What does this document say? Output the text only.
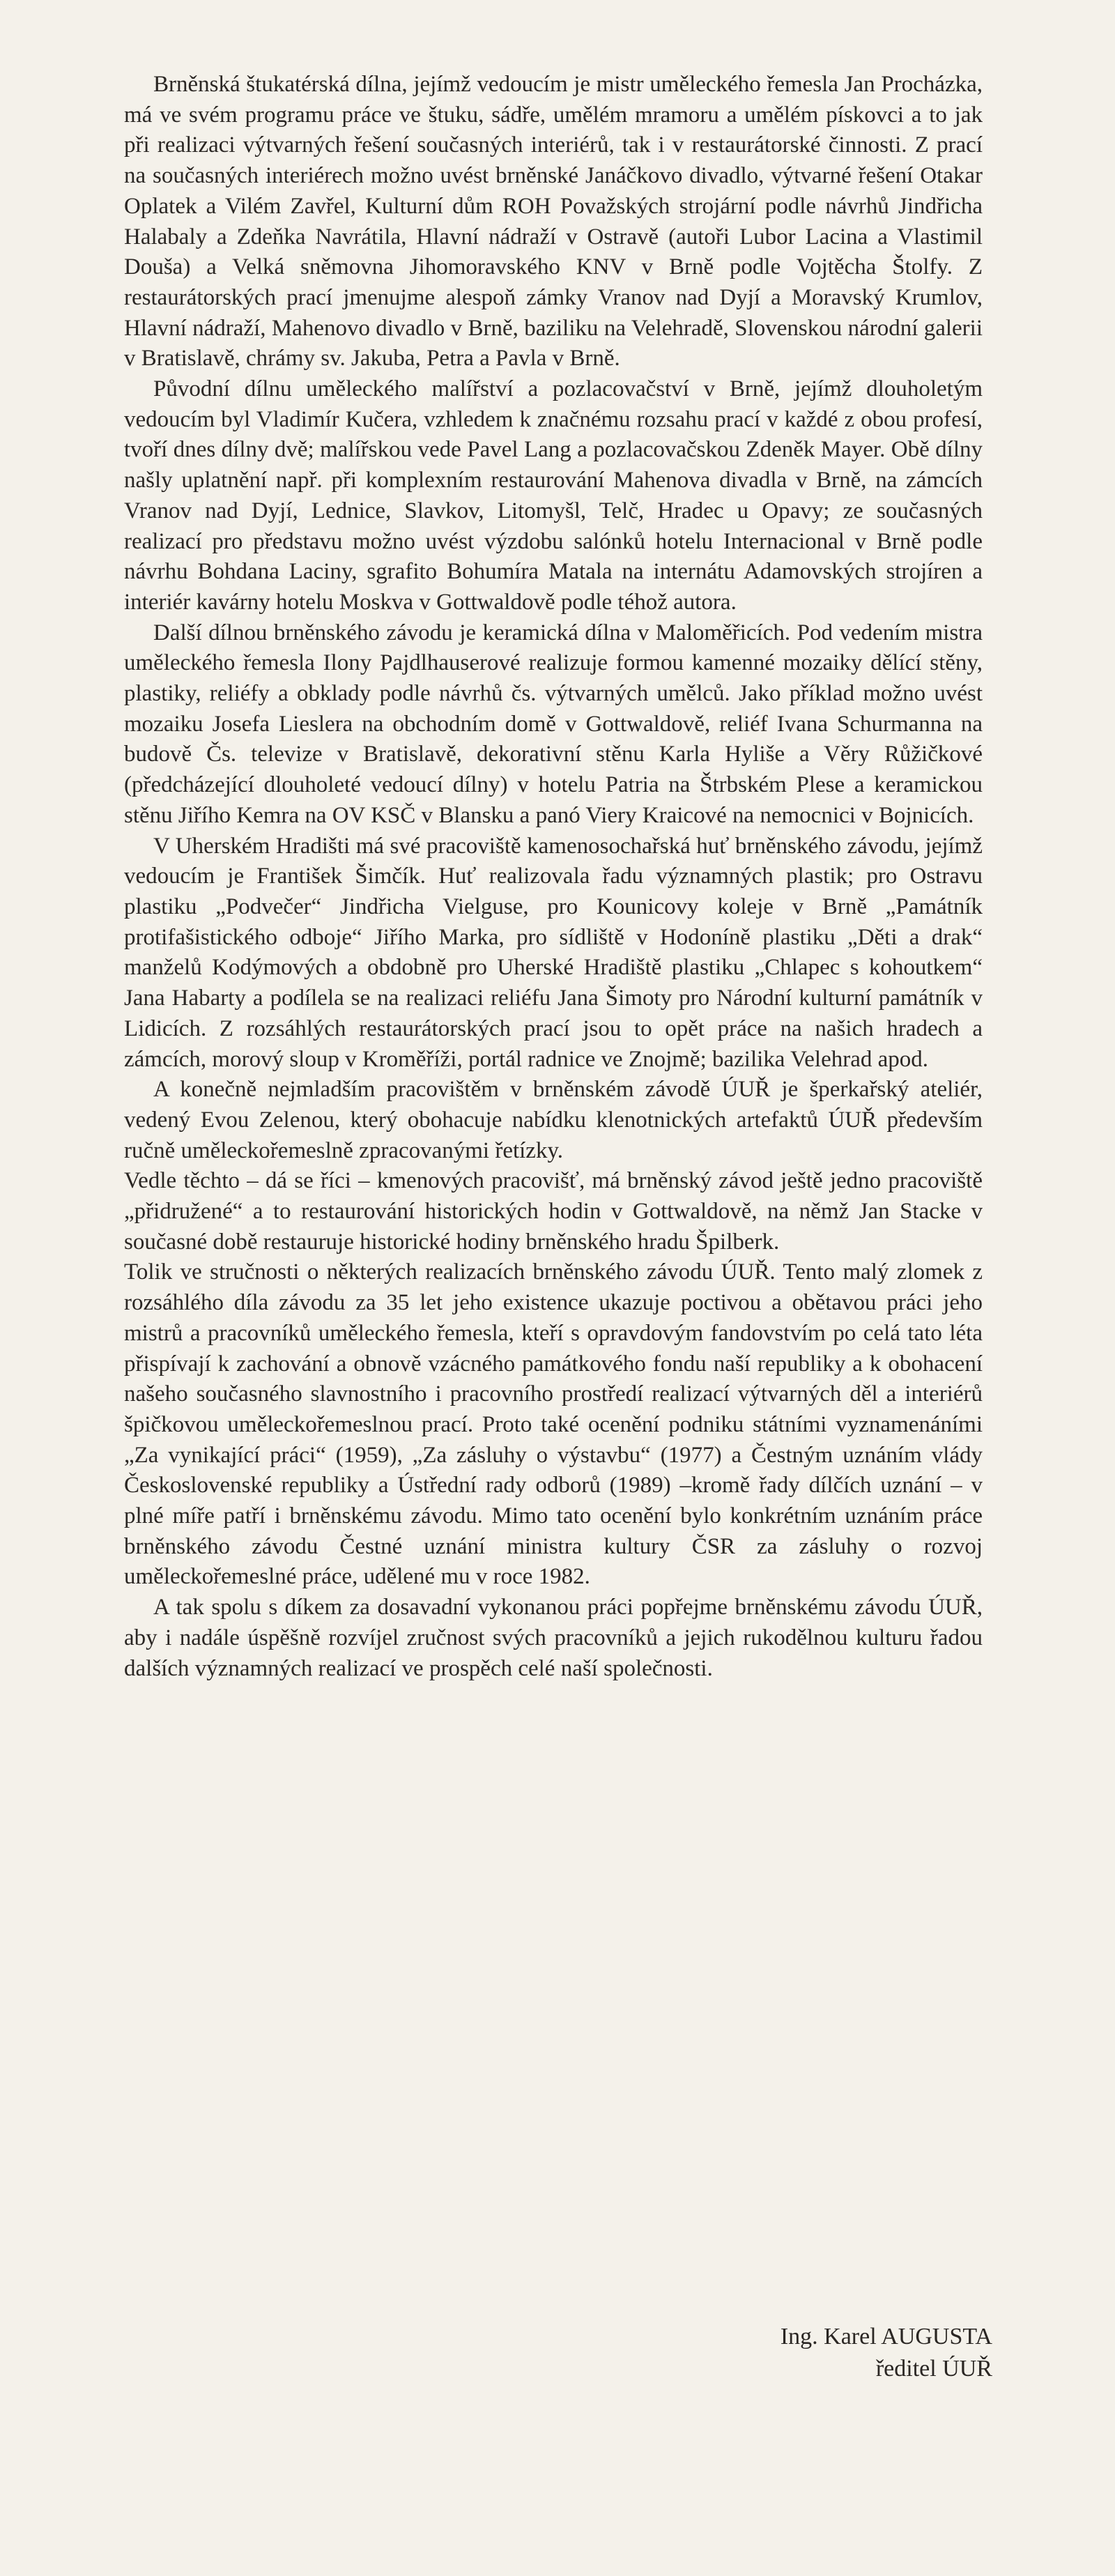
Brněnská štukatérská dílna, jejímž vedoucím je mistr uměleckého řemesla Jan Procházka, má ve svém programu práce ve štuku, sádře, umělém mramoru a umělém pískovci a to jak při realizaci výtvarných řešení současných interiérů, tak i v restaurátorské činnosti. Z prací na současných interiérech možno uvést brněnské Janáčkovo divadlo, výtvarné řešení Otakar Oplatek a Vilém Zavřel, Kulturní dům ROH Považských strojární podle návrhů Jindřicha Halabaly a Zdeňka Navrátila, Hlavní nádraží v Ostravě (autoři Lubor Lacina a Vlastimil Douša) a Velká sněmovna Jihomoravského KNV v Brně podle Vojtěcha Štolfy. Z restaurátorských prací jmenujme alespoň zámky Vranov nad Dyjí a Moravský Krumlov, Hlavní nádraží, Mahenovo divadlo v Brně, baziliku na Velehradě, Slovenskou národní galerii v Bratislavě, chrámy sv. Jakuba, Petra a Pavla v Brně.

Původní dílnu uměleckého malířství a pozlacovačství v Brně, jejímž dlouholetým vedoucím byl Vladimír Kučera, vzhledem k značnému rozsahu prací v každé z obou profesí, tvoří dnes dílny dvě; malířskou vede Pavel Lang a pozlacovačskou Zdeněk Mayer. Obě dílny našly uplatnění např. při komplexním restaurování Mahenova divadla v Brně, na zámcích Vranov nad Dyjí, Lednice, Slavkov, Litomyšl, Telč, Hradec u Opavy; ze současných realizací pro představu možno uvést výzdobu salónků hotelu Internacional v Brně podle návrhu Bohdana Laciny, sgrafito Bohumíra Matala na internátu Adamovských strojíren a interiér kavárny hotelu Moskva v Gottwaldově podle téhož autora.

Další dílnou brněnského závodu je keramická dílna v Maloměřicích. Pod vedením mistra uměleckého řemesla Ilony Pajdlhauserové realizuje formou kamenné mozaiky dělící stěny, plastiky, reliéfy a obklady podle návrhů čs. výtvarných umělců. Jako příklad možno uvést mozaiku Josefa Lieslera na obchodním domě v Gottwaldově, reliéf Ivana Schurmanna na budově Čs. televize v Bratislavě, dekorativní stěnu Karla Hyliše a Věry Růžičkové (předcházející dlouholeté vedoucí dílny) v hotelu Patria na Štrbském Plese a keramickou stěnu Jiřího Kemra na OV KSČ v Blansku a panó Viery Kraicové na nemocnici v Bojnicích.

V Uherském Hradišti má své pracoviště kamenosochařská huť brněnského závodu, jejímž vedoucím je František Šimčík. Huť realizovala řadu významných plastik; pro Ostravu plastiku „Podvečer“ Jindřicha Vielguse, pro Kounicovy koleje v Brně „Památník protifašistického odboje“ Jiřího Marka, pro sídliště v Hodoníně plastiku „Děti a drak“ manželů Kodýmových a obdobně pro Uherské Hradiště plastiku „Chlapec s kohoutkem“ Jana Habarty a podílela se na realizaci reliéfu Jana Šimoty pro Národní kulturní památník v Lidicích. Z rozsáhlých restaurátorských prací jsou to opět práce na našich hradech a zámcích, morový sloup v Kroměříži, portál radnice ve Znojmě; bazilika Velehrad apod.

A konečně nejmladším pracovištěm v brněnském závodě ÚUŘ je šperkařský ateliér, vedený Evou Zelenou, který obohacuje nabídku klenotnických artefaktů ÚUŘ především ručně uměleckořemeslně zpracovanými řetízky.

Vedle těchto – dá se říci – kmenových pracovišť, má brněnský závod ještě jedno pracoviště „přidružené“ a to restaurování historických hodin v Gottwaldově, na němž Jan Stacke v současné době restauruje historické hodiny brněnského hradu Špilberk.

Tolik ve stručnosti o některých realizacích brněnského závodu ÚUŘ. Tento malý zlomek z rozsáhlého díla závodu za 35 let jeho existence ukazuje poctivou a obětavou práci jeho mistrů a pracovníků uměleckého řemesla, kteří s opravdovým fandovstvím po celá tato léta přispívají k zachování a obnově vzácného památkového fondu naší republiky a k obohacení našeho současného slavnostního i pracovního prostředí realizací výtvarných děl a interiérů špičkovou uměleckořemeslnou prací. Proto také ocenění podniku státními vyznamenáními „Za vynikající práci“ (1959), „Za zásluhy o výstavbu“ (1977) a Čestným uznáním vlády Československé republiky a Ústřední rady odborů (1989) –kromě řady dílčích uznání – v plné míře patří i brněnskému závodu. Mimo tato ocenění bylo konkrétním uznáním práce brněnského závodu Čestné uznání ministra kultury ČSR za zásluhy o rozvoj uměleckořemeslné práce, udělené mu v roce 1982.

A tak spolu s díkem za dosavadní vykonanou práci popřejme brněnskému závodu ÚUŘ, aby i nadále úspěšně rozvíjel zručnost svých pracovníků a jejich rukodělnou kulturu řadou dalších významných realizací ve prospěch celé naší společnosti.

Ing. Karel AUGUSTA
ředitel ÚUŘ
